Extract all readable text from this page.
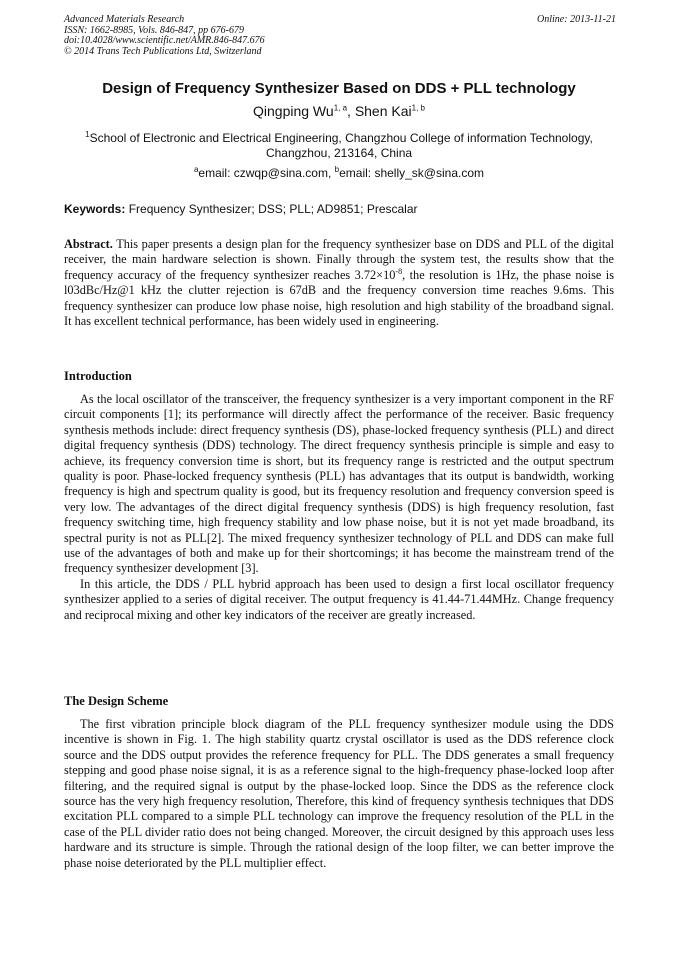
Advanced Materials Research
ISSN: 1662-8985, Vols. 846-847, pp 676-679
doi:10.4028/www.scientific.net/AMR.846-847.676
© 2014 Trans Tech Publications Ltd, Switzerland
Online: 2013-11-21
Design of Frequency Synthesizer Based on DDS + PLL technology
Qingping Wu$^{1, a}$, Shen Kai$^{1, b}$
$^1$School of Electronic and Electrical Engineering, Changzhou College of information Technology,
Changzhou, 213164, China
$^a$email: czwqp@sina.com, $^b$email: shelly_sk@sina.com
Keywords: Frequency Synthesizer; DSS; PLL; AD9851; Prescalar
Abstract. This paper presents a design plan for the frequency synthesizer base on DDS and PLL of the digital receiver, the main hardware selection is shown. Finally through the system test, the results show that the frequency accuracy of the frequency synthesizer reaches $3.72\times 10^{-8}$, the resolution is 1Hz, the phase noise is l03dBc/Hz@1 kHz the clutter rejection is 67dB and the frequency conversion time reaches 9.6ms. This frequency synthesizer can produce low phase noise, high resolution and high stability of the broadband signal. It has excellent technical performance, has been widely used in engineering.
Introduction

As the local oscillator of the transceiver, the frequency synthesizer is a very important component in the RF circuit components [1]; its performance will directly affect the performance of the receiver. Basic frequency synthesis methods include: direct frequency synthesis (DS), phase-locked frequency synthesis (PLL) and direct digital frequency synthesis (DDS) technology. The direct frequency synthesis principle is simple and easy to achieve, its frequency conversion time is short, but its frequency range is restricted and the output spectrum quality is poor. Phase-locked frequency synthesis (PLL) has advantages that its output is bandwidth, working frequency is high and spectrum quality is good, but its frequency resolution and frequency conversion speed is very low. The advantages of the direct digital frequency synthesis (DDS) is high frequency resolution, fast frequency switching time, high frequency stability and low phase noise, but it is not yet made broadband, its spectral purity is not as PLL[2]. The mixed frequency synthesizer technology of PLL and DDS can make full use of the advantages of both and make up for their shortcomings; it has become the mainstream trend of the frequency synthesizer development [3].

In this article, the DDS / PLL hybrid approach has been used to design a first local oscillator frequency synthesizer applied to a series of digital receiver. The output frequency is 41.44-71.44MHz. Change frequency and reciprocal mixing and other key indicators of the receiver are greatly increased.

The Design Scheme

The first vibration principle block diagram of the PLL frequency synthesizer module using the DDS incentive is shown in Fig. 1. The high stability quartz crystal oscillator is used as the DDS reference clock source and the DDS output provides the reference frequency for PLL. The DDS generates a small frequency stepping and good phase noise signal, it is as a reference signal to the high-frequency phase-locked loop after filtering, and the required signal is output by the phase-locked loop. Since the DDS as the reference clock source has the very high frequency resolution, Therefore, this kind of frequency synthesis techniques that DDS excitation PLL compared to a simple PLL technology can improve the frequency resolution of the PLL in the case of the PLL divider ratio does not being changed. Moreover, the circuit designed by this approach uses less hardware and its structure is simple. Through the rational design of the loop filter, we can better improve the phase noise deteriorated by the PLL multiplier effect.
